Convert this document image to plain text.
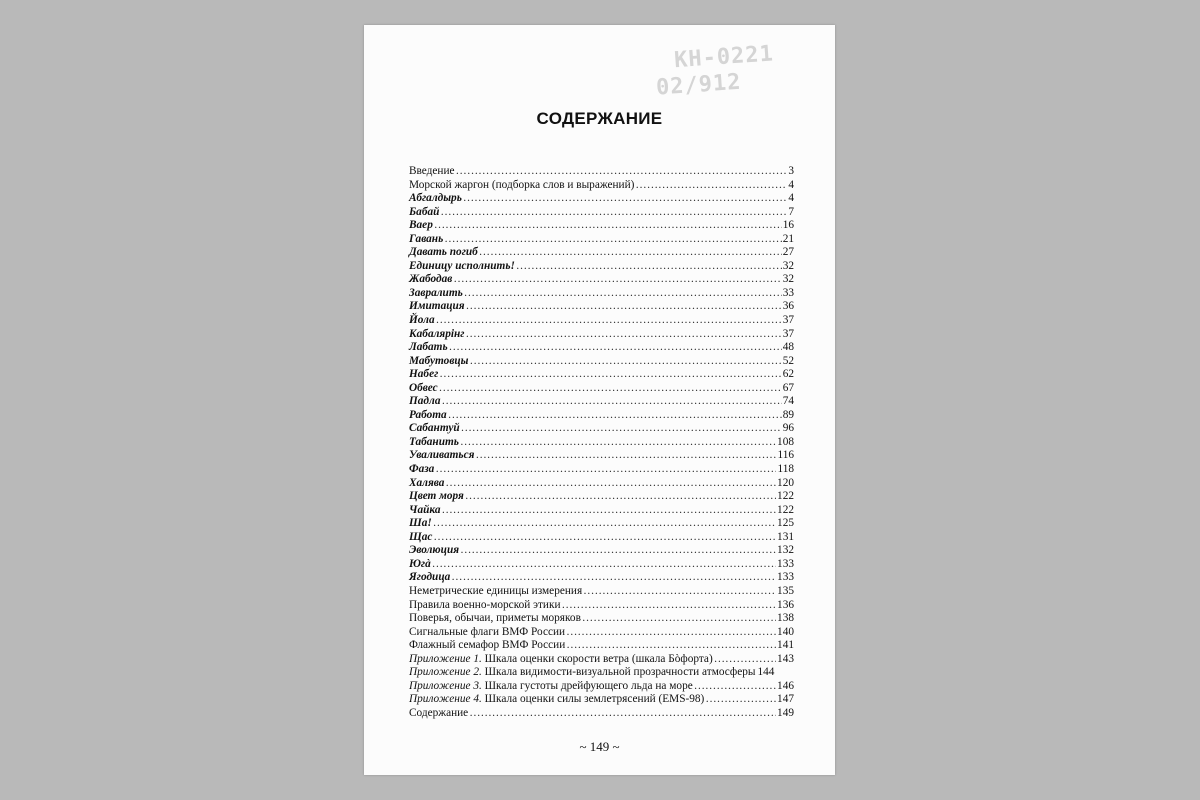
КН-0221
02/912
СОДЕРЖАНИЕ
Введение ……………………………………………………………………………………………………………………………………………………………………	3
Морской жаргон (подборка слов и выражений) ……………………………………………………………………………………………………………………………………………………………………	4
Абгалдырь ……………………………………………………………………………………………………………………………………………………………………	4
Бабай ……………………………………………………………………………………………………………………………………………………………………	7
Ваер ……………………………………………………………………………………………………………………………………………………………………	16
Гавань ……………………………………………………………………………………………………………………………………………………………………	21
Давать погиб ……………………………………………………………………………………………………………………………………………………………………	27
Единицу исполнить! ……………………………………………………………………………………………………………………………………………………………………	32
Жабодав ……………………………………………………………………………………………………………………………………………………………………	32
Завралить ……………………………………………………………………………………………………………………………………………………………………	33
Имитация ……………………………………………………………………………………………………………………………………………………………………	36
Йола ……………………………………………………………………………………………………………………………………………………………………	37
Кабалярінг ……………………………………………………………………………………………………………………………………………………………………	37
Лабать ……………………………………………………………………………………………………………………………………………………………………	48
Мабутовцы ……………………………………………………………………………………………………………………………………………………………………	52
Набег ……………………………………………………………………………………………………………………………………………………………………	62
Обвес ……………………………………………………………………………………………………………………………………………………………………	67
Падла ……………………………………………………………………………………………………………………………………………………………………	74
Работа ……………………………………………………………………………………………………………………………………………………………………	89
Сабантуй ……………………………………………………………………………………………………………………………………………………………………	96
Табанить ……………………………………………………………………………………………………………………………………………………………………	108
Уваливаться ……………………………………………………………………………………………………………………………………………………………………	116
Фаза ……………………………………………………………………………………………………………………………………………………………………	118
Халява ……………………………………………………………………………………………………………………………………………………………………	120
Цвет моря ……………………………………………………………………………………………………………………………………………………………………	122
Чайка ……………………………………………………………………………………………………………………………………………………………………	122
Ша! ……………………………………………………………………………………………………………………………………………………………………	125
Щас ……………………………………………………………………………………………………………………………………………………………………	131
Эволюция ……………………………………………………………………………………………………………………………………………………………………	132
Югà ……………………………………………………………………………………………………………………………………………………………………	133
Ягодица ……………………………………………………………………………………………………………………………………………………………………	133
Неметрические единицы измерения ……………………………………………………………………………………………………………………………………………………………………	135
Правила военно-морской этики ……………………………………………………………………………………………………………………………………………………………………	136
Поверья, обычаи, приметы моряков ……………………………………………………………………………………………………………………………………………………………………	138
Сигнальные флаги ВМФ России ……………………………………………………………………………………………………………………………………………………………………	140
Флажный семафор ВМФ России ……………………………………………………………………………………………………………………………………………………………………	141
Приложение 1. Шкала оценки скорости ветра (шкала Бòфорта) ……………………………………………………………………………………………………………………………………………………………………	143
Приложение 2. Шкала видимости-визуальной прозрачности атмосферы 144
Приложение 3. Шкала густоты дрейфующего льда на море ……………………………………………………………………………………………………………………………………………………………………	146
Приложение 4. Шкала оценки силы землетрясений (EMS-98) ……………………………………………………………………………………………………………………………………………………………………	147
Содержание ……………………………………………………………………………………………………………………………………………………………………	149
~ 149 ~
